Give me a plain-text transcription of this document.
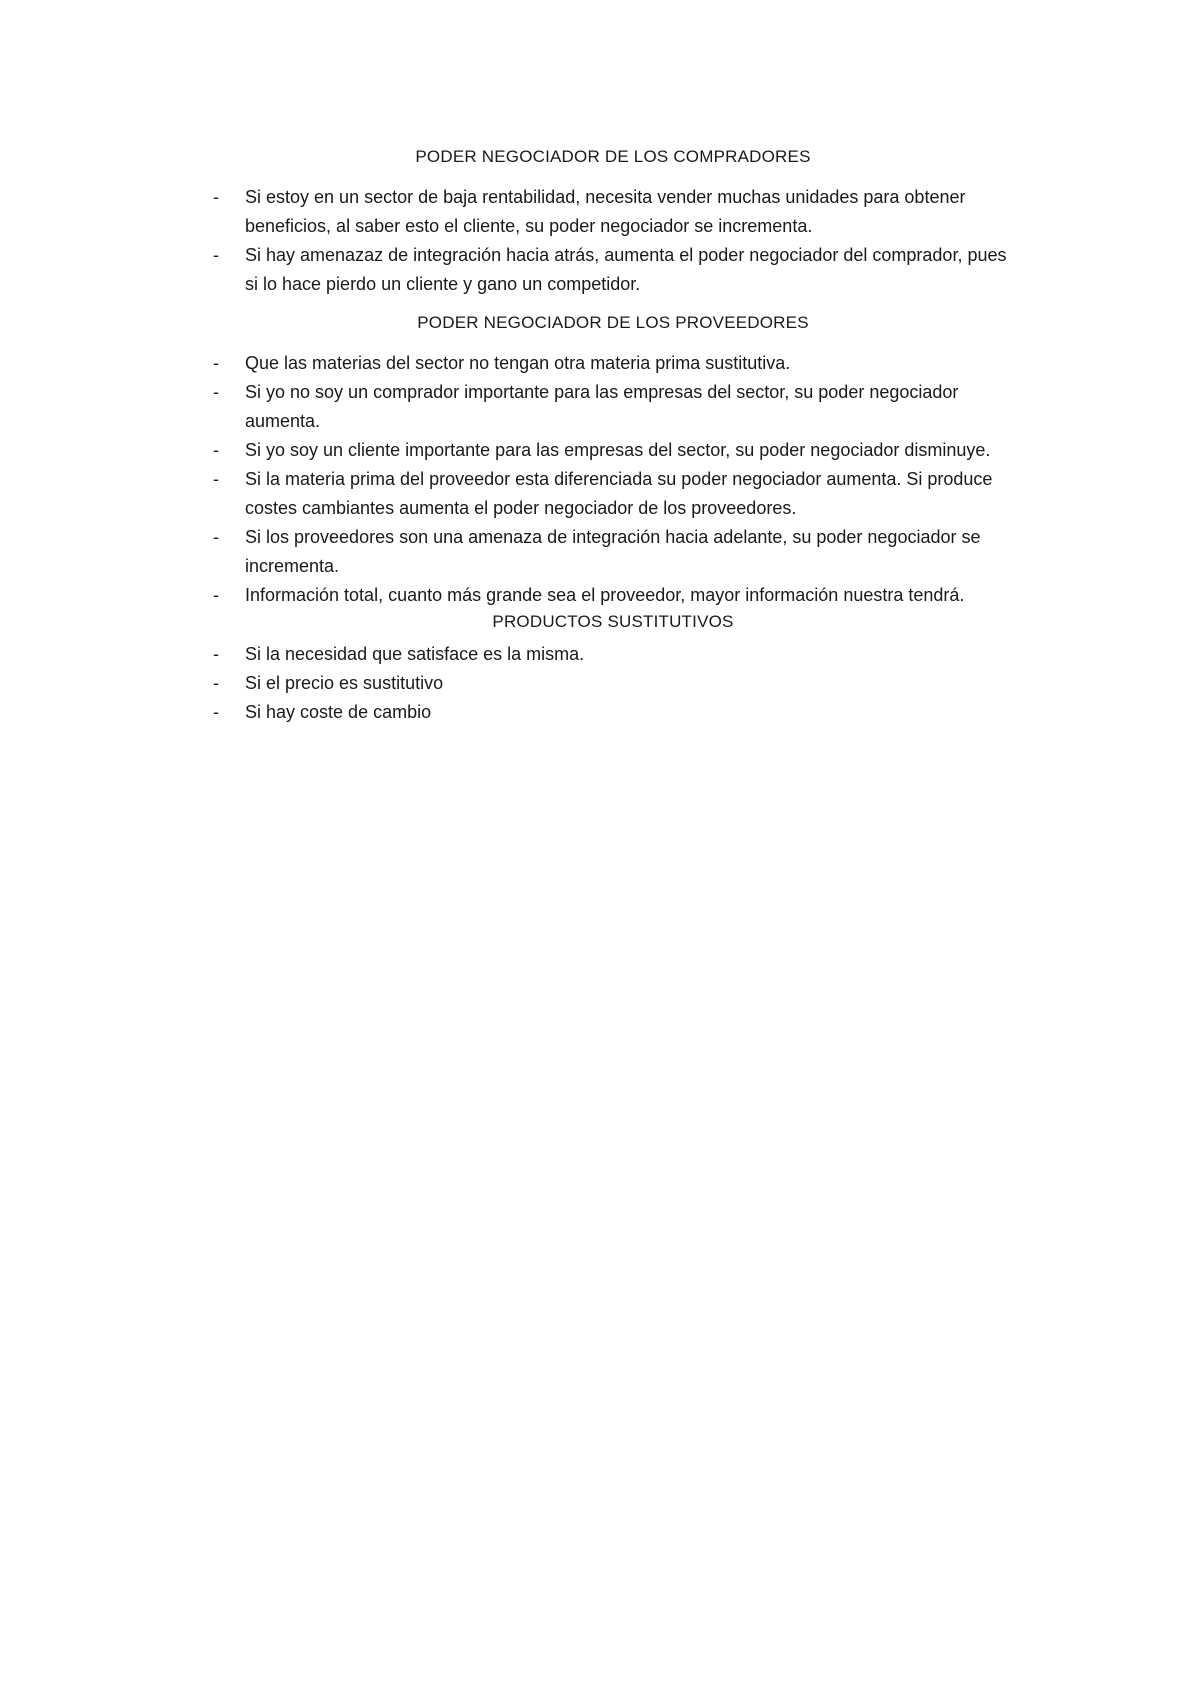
PODER NEGOCIADOR DE LOS COMPRADORES
- Si estoy en un sector de baja rentabilidad, necesita vender muchas unidades para obtener beneficios, al saber esto el cliente, su poder negociador se incrementa.
- Si hay amenazaz de integración hacia atrás, aumenta el poder negociador del comprador, pues si lo hace pierdo un cliente y gano un competidor.
PODER NEGOCIADOR DE LOS PROVEEDORES
- Que las materias del sector no tengan otra materia prima sustitutiva.
- Si yo no soy un comprador importante para las empresas del sector, su poder negociador aumenta.
- Si yo soy un cliente importante para las empresas del sector, su poder negociador disminuye.
- Si la materia prima del proveedor esta diferenciada su poder negociador aumenta. Si produce costes cambiantes aumenta el poder negociador de los proveedores.
- Si los proveedores son una amenaza de integración hacia adelante, su poder negociador se incrementa.
- Información total, cuanto más grande sea el proveedor, mayor información nuestra tendrá.
PRODUCTOS SUSTITUTIVOS
- Si la necesidad que satisface es la misma.
- Si el precio es sustitutivo
- Si hay coste de cambio
